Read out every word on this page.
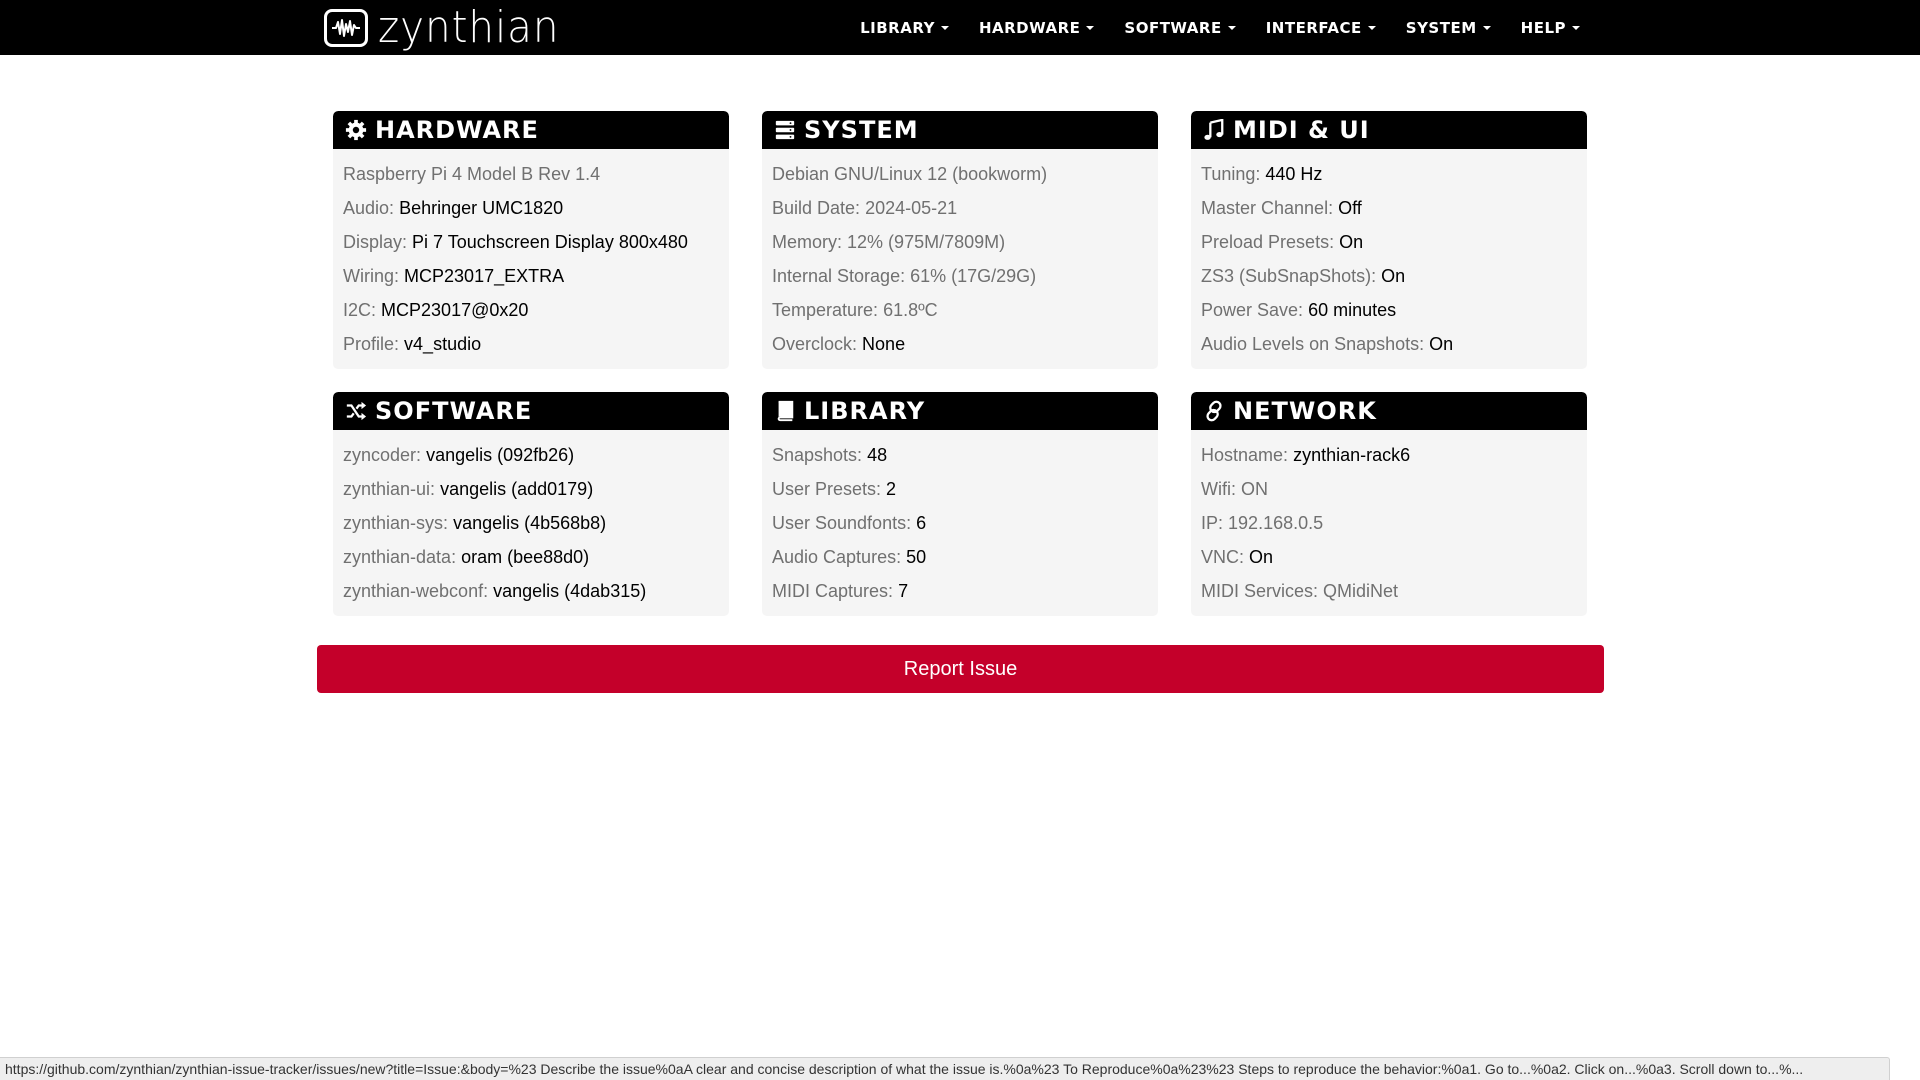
zynthian	LIBRARY	HARDWARE	SOFTWARE	INTERFACE	SYSTEM	HELP
HARDWARE
Raspberry Pi 4 Model B Rev 1.4
Audio: Behringer UMC1820
Display: Pi 7 Touchscreen Display 800x480
Wiring: MCP23017_EXTRA
I2C: MCP23017@0x20
Profile: v4_studio
SYSTEM
Debian GNU/Linux 12 (bookworm)
Build Date: 2024-05-21
Memory: 12% (975M/7809M)
Internal Storage: 61% (17G/29G)
Temperature: 61.8ºC
Overclock: None
MIDI & UI
Tuning: 440 Hz
Master Channel: Off
Preload Presets: On
ZS3 (SubSnapShots): On
Power Save: 60 minutes
Audio Levels on Snapshots: On
SOFTWARE
zyncoder: vangelis (092fb26)
zynthian-ui: vangelis (add0179)
zynthian-sys: vangelis (4b568b8)
zynthian-data: oram (bee88d0)
zynthian-webconf: vangelis (4dab315)
LIBRARY
Snapshots: 48
User Presets: 2
User Soundfonts: 6
Audio Captures: 50
MIDI Captures: 7
NETWORK
Hostname: zynthian-rack6
Wifi: ON
IP: 192.168.0.5
VNC: On
MIDI Services: QMidiNet
Report Issue
https://github.com/zynthian/zynthian-issue-tracker/issues/new?title=Issue:&body=%23 Describe the issue%0aA clear and concise description of what the issue is.%0a%23 To Reproduce%0a%23%23 Steps to reproduce the behavior:%0a1. Go to...%0a2. Click on...%0a3. Scroll down to...%...
